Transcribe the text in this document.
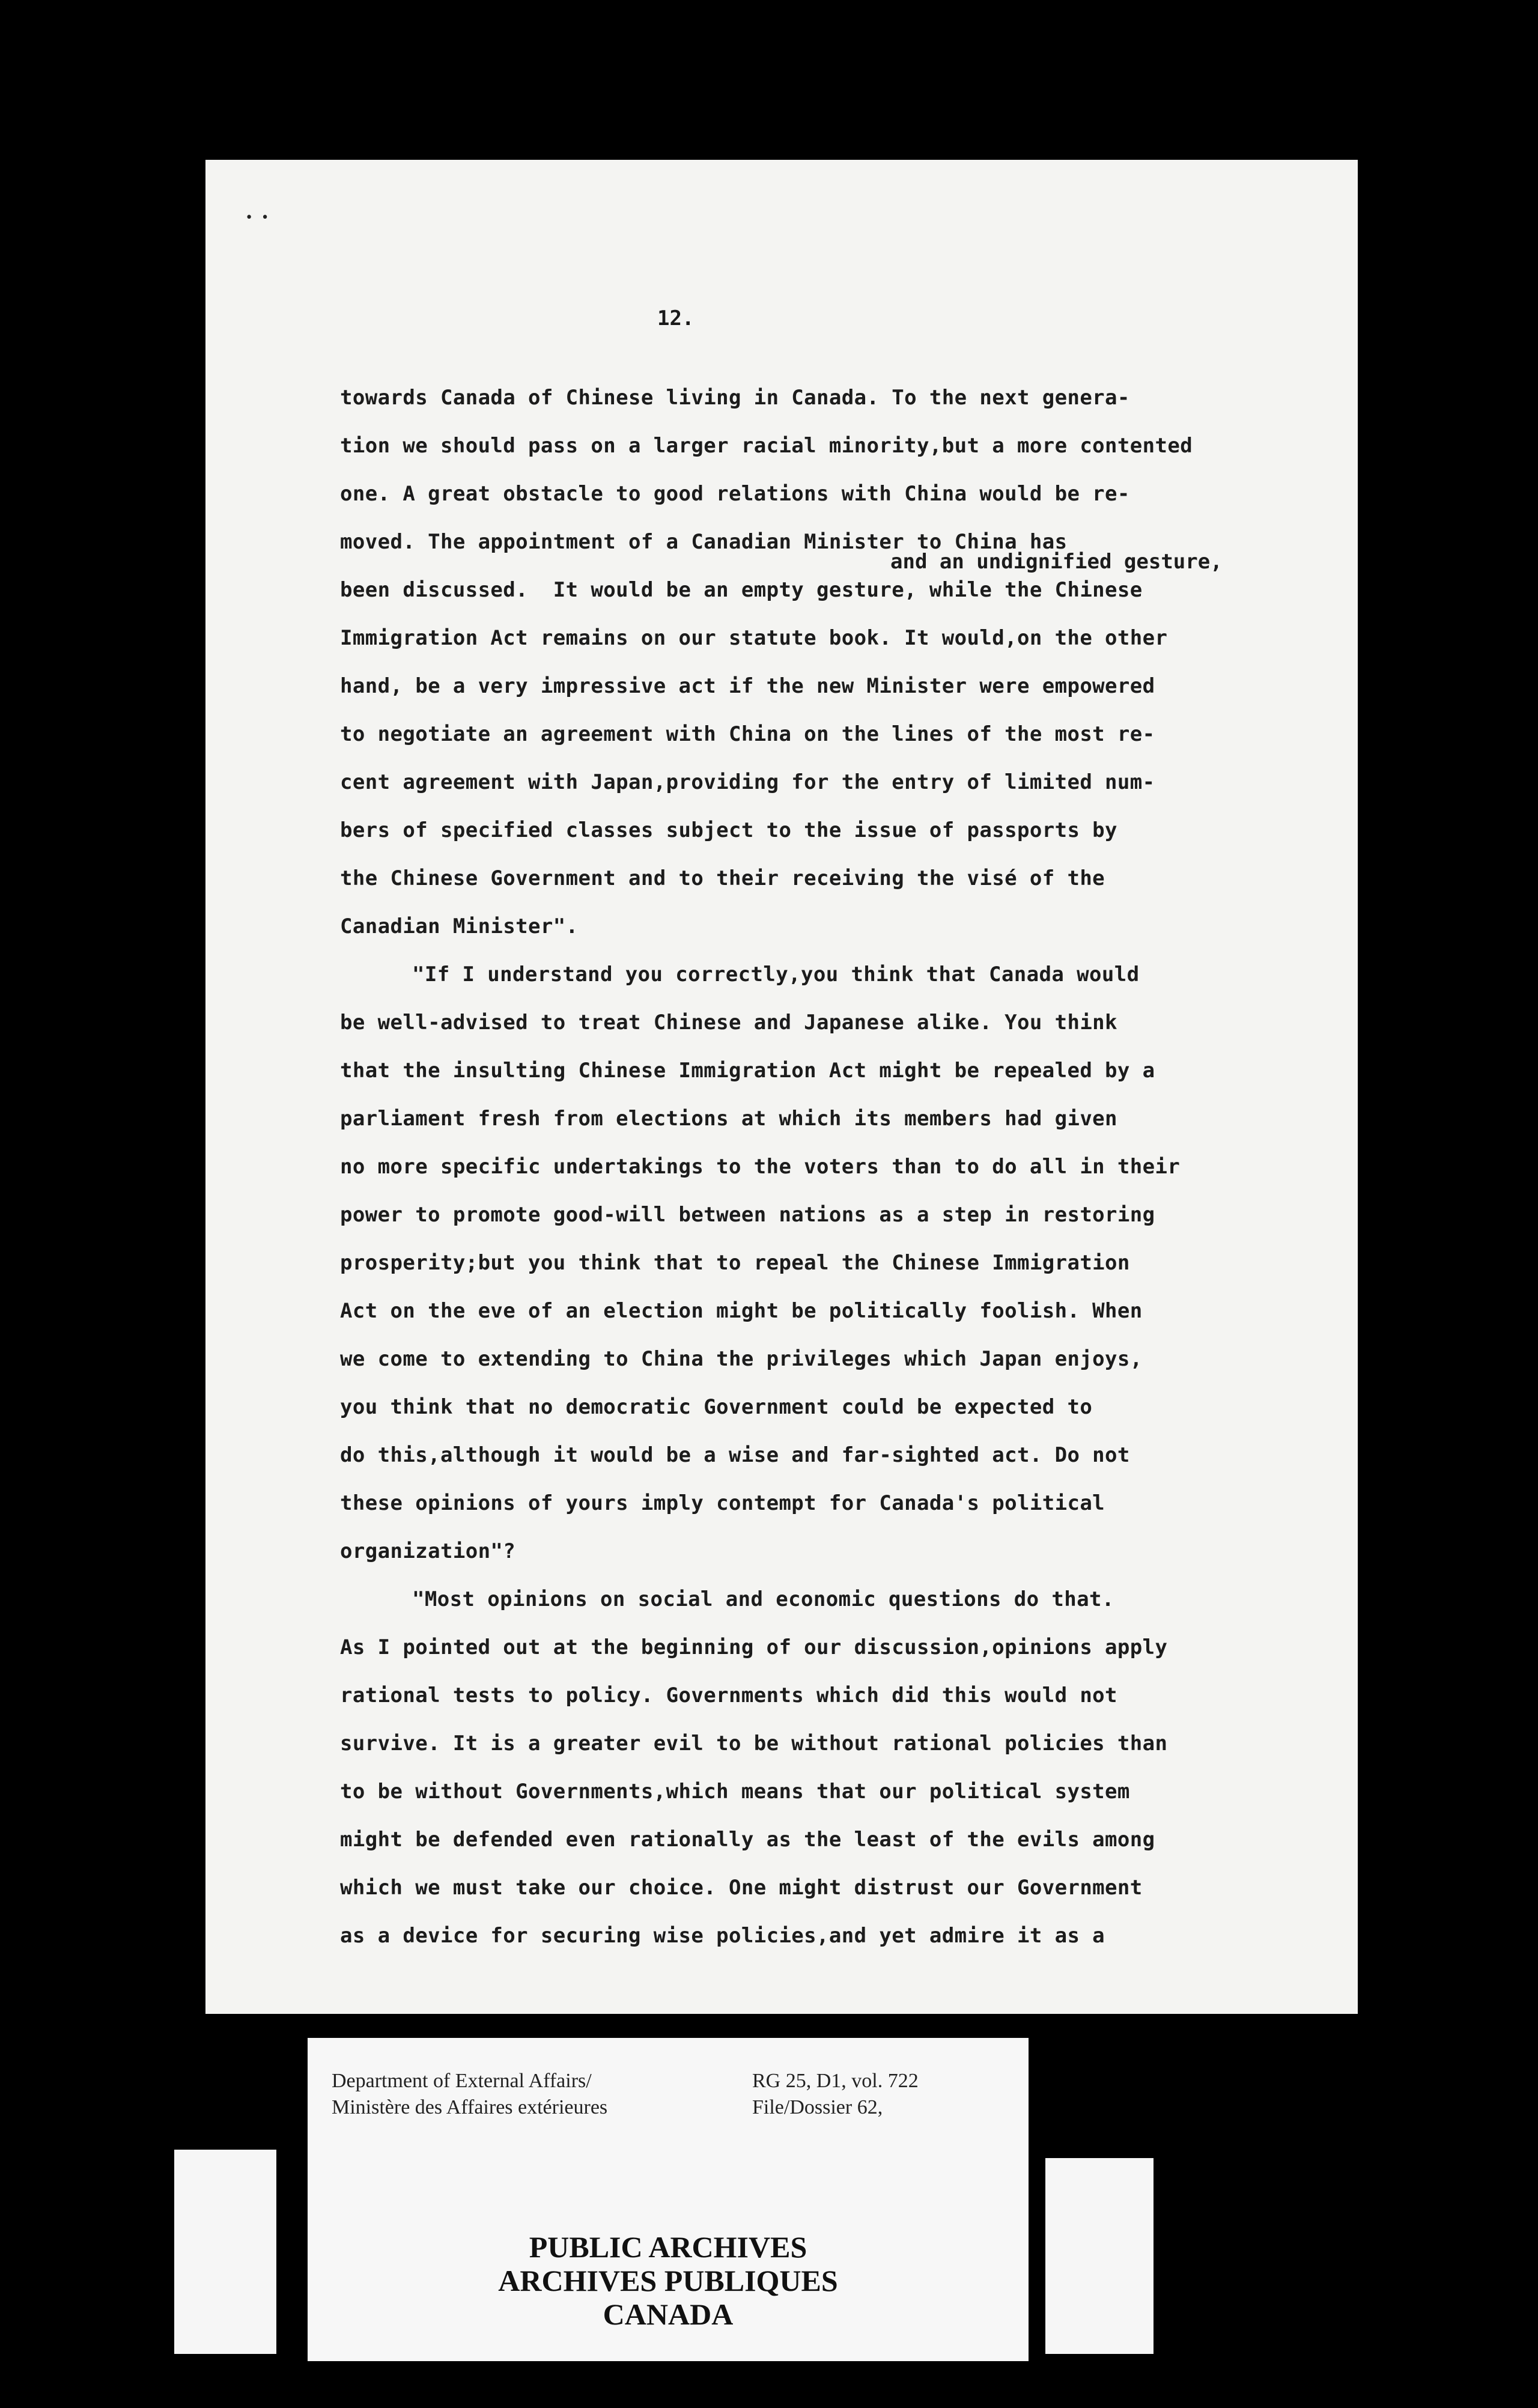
• •
12.
and an undignified gesture,
towards Canada of Chinese living in Canada. To the next genera-
tion we should pass on a larger racial minority,but a more contented
one. A great obstacle to good relations with China would be re-
moved. The appointment of a Canadian Minister to China has
been discussed.  It would be an empty gesture, while the Chinese
Immigration Act remains on our statute book. It would,on the other
hand, be a very impressive act if the new Minister were empowered
to negotiate an agreement with China on the lines of the most re-
cent agreement with Japan,providing for the entry of limited num-
bers of specified classes subject to the issue of passports by
the Chinese Government and to their receiving the visé of the
Canadian Minister".
"If I understand you correctly,you think that Canada would
be well-advised to treat Chinese and Japanese alike. You think
that the insulting Chinese Immigration Act might be repealed by a
parliament fresh from elections at which its members had given
no more specific undertakings to the voters than to do all in their
power to promote good-will between nations as a step in restoring
prosperity;but you think that to repeal the Chinese Immigration
Act on the eve of an election might be politically foolish. When
we come to extending to China the privileges which Japan enjoys,
you think that no democratic Government could be expected to
do this,although it would be a wise and far-sighted act. Do not
these opinions of yours imply contempt for Canada's political
organization"?
"Most opinions on social and economic questions do that.
As I pointed out at the beginning of our discussion,opinions apply
rational tests to policy. Governments which did this would not
survive. It is a greater evil to be without rational policies than
to be without Governments,which means that our political system
might be defended even rationally as the least of the evils among
which we must take our choice. One might distrust our Government
as a device for securing wise policies,and yet admire it as a
Department of External Affairs/
Ministère des Affaires extérieures
RG 25, D1, vol. 722
File/Dossier 62,
PUBLIC ARCHIVES
ARCHIVES PUBLIQUES
CANADA
